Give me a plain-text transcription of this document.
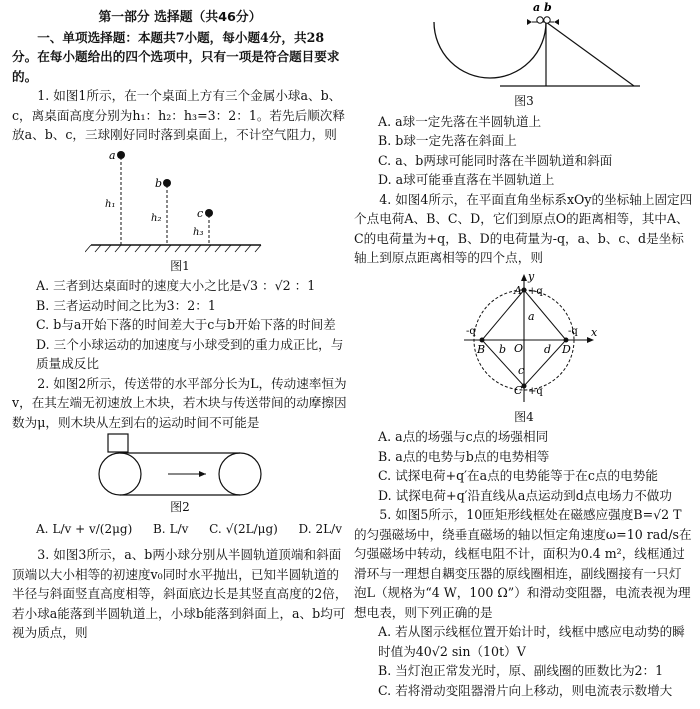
第一部分 选择题（共46分）

一、单项选择题：本题共7小题，每小题4分，共28分。在每小题给出的四个选项中，只有一项是符合题目要求的。

1. 如图1所示，在一个桌面上方有三个金属小球a、b、c，离桌面高度分别为h₁：h₂：h₃=3：2：1。若先后顺次释放a、b、c，三球刚好同时落到桌面上，不计空气阻力，则

a
b
c
h₁
h₂
h₃

图1

A. 三者到达桌面时的速度大小之比是√3 ：√2 ：1

B. 三者运动时间之比为3：2：1

C. b与a开始下落的时间差大于c与b开始下落的时间差

D. 三个小球运动的加速度与小球受到的重力成正比，与质量成反比

2. 如图2所示，传送带的水平部分长为L，传动速率恒为v，在其左端无初速放上木块，若木块与传送带间的动摩擦因数为μ，则木块从左到右的运动时间不可能是

图2

A. L/v + v/(2μg) B. L/v C. √(2L/μg) D. 2L/v

3. 如图3所示，a、b两小球分别从半圆轨道顶端和斜面顶端以大小相等的初速度v₀同时水平抛出，已知半圆轨道的半径与斜面竖直高度相等，斜面底边长是其竖直高度的2倍，若小球a能落到半圆轨道上，小球b能落到斜面上，a、b均可视为质点，则

a b

图3

A. a球一定先落在半圆轨道上

B. b球一定先落在斜面上

C. a、b两球可能同时落在半圆轨道和斜面

D. a球可能垂直落在半圆轨道上

4. 如图4所示，在平面直角坐标系xOy的坐标轴上固定四个点电荷A、B、C、D，它们到原点O的距离相等，其中A、C的电荷量为+q，B、D的电荷量为-q，a、b、c、d是坐标轴上到原点距离相等的四个点，则

y
x
O
A +q
a
B
-q
b	d D
-q
c
C +q

图4

A. a点的场强与c点的场强相同

B. a点的电势与b点的电势相等

C. 试探电荷+q′在a点的电势能等于在c点的电势能

D. 试探电荷+q′沿直线从a点运动到d点电场力不做功

5. 如图5所示，10匝矩形线框处在磁感应强度B=√2 T的匀强磁场中，绕垂直磁场的轴以恒定角速度ω=10 rad/s在匀强磁场中转动，线框电阻不计，面积为0.4 m²，线框通过滑环与一理想自耦变压器的原线圈相连，副线圈接有一只灯泡L（规格为“4 W，100 Ω”）和滑动变阻器，电流表视为理想电表，则下列正确的是

A. 若从图示线框位置开始计时，线框中感应电动势的瞬时值为40√2 sin（10t）V

B. 当灯泡正常发光时，原、副线圈的匝数比为2：1

C. 若将滑动变阻器滑片向上移动，则电流表示数增大
